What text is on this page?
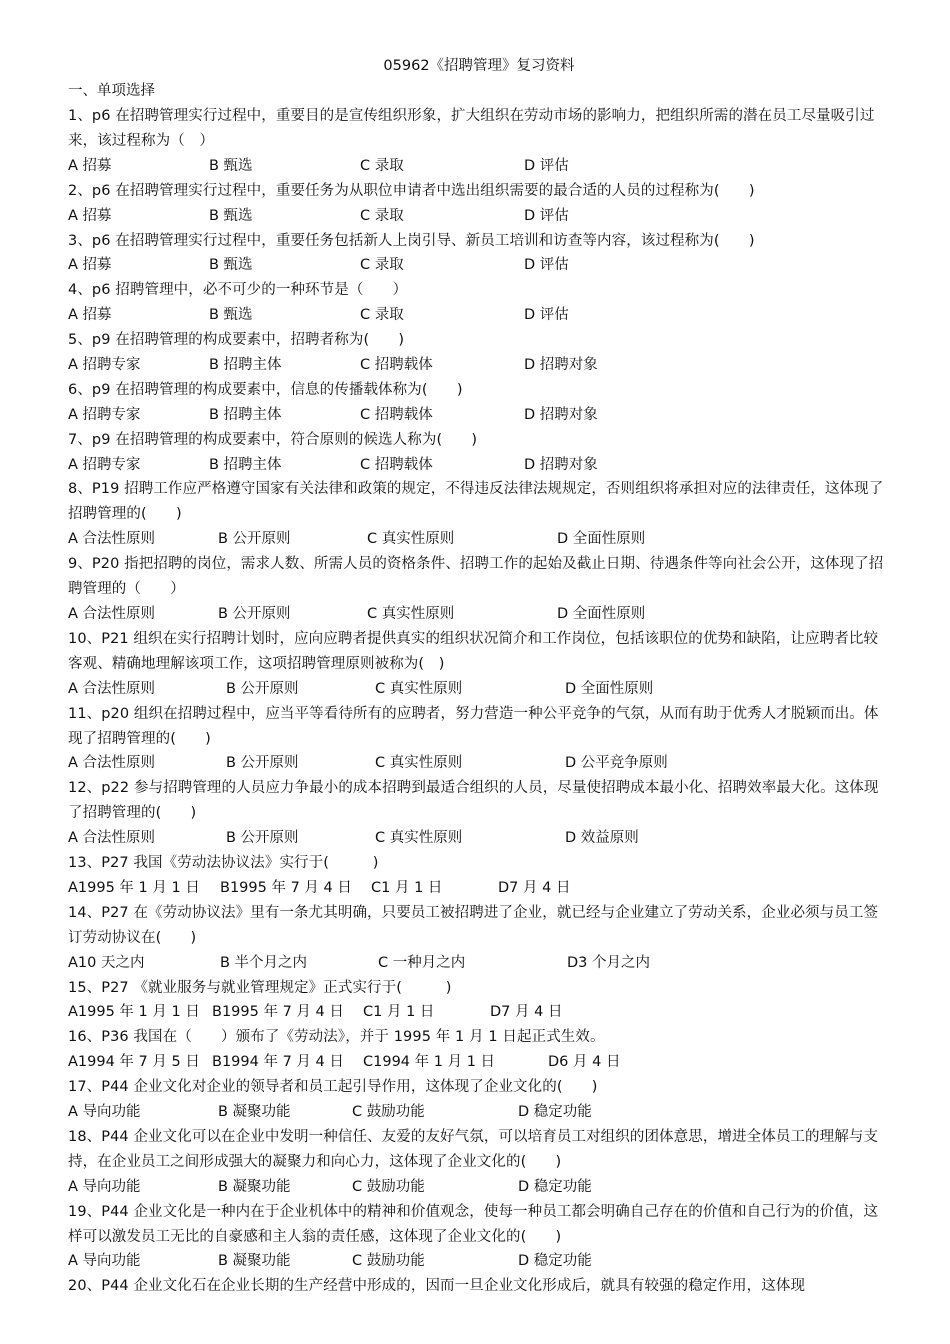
05962《招聘管理》复习资料
一、单项选择
1、p6 在招聘管理实行过程中，重要目的是宣传组织形象，扩大组织在劳动市场的影响力，把组织所需的潜在员工尽量吸引过来，该过程称为（　）
A 招募	B 甄选	C 录取	D 评估
2、p6 在招聘管理实行过程中，重要任务为从职位申请者中选出组织需要的最合适的人员的过程称为(　　)
A 招募	B 甄选	C 录取	D 评估
3、p6 在招聘管理实行过程中，重要任务包括新人上岗引导、新员工培训和访查等内容，该过程称为(　　)
A 招募	B 甄选	C 录取	D 评估
4、p6 招聘管理中，必不可少的一种环节是（　　）
A 招募	B 甄选	C 录取	D 评估
5、p9 在招聘管理的构成要素中，招聘者称为(　　)
A 招聘专家	B 招聘主体	C 招聘载体	D 招聘对象
6、p9 在招聘管理的构成要素中，信息的传播载体称为(　　)
A 招聘专家	B 招聘主体	C 招聘载体	D 招聘对象
7、p9 在招聘管理的构成要素中，符合原则的候选人称为(　　)
A 招聘专家	B 招聘主体	C 招聘载体	D 招聘对象
8、P19 招聘工作应严格遵守国家有关法律和政策的规定，不得违反法律法规规定，否则组织将承担对应的法律责任，这体现了招聘管理的(　　)
A 合法性原则	B 公开原则	C 真实性原则	D 全面性原则
9、P20 指把招聘的岗位，需求人数、所需人员的资格条件、招聘工作的起始及截止日期、待遇条件等向社会公开，这体现了招聘管理的（　　）
A 合法性原则	B 公开原则	C 真实性原则	D 全面性原则
10、P21 组织在实行招聘计划时，应向应聘者提供真实的组织状况简介和工作岗位，包括该职位的优势和缺陷，让应聘者比较客观、精确地理解该项工作，这项招聘管理原则被称为(　)
A 合法性原则	B 公开原则	C 真实性原则	D 全面性原则
11、p20 组织在招聘过程中，应当平等看待所有的应聘者，努力营造一种公平竞争的气氛，从而有助于优秀人才脱颖而出。体现了招聘管理的(　　)
A 合法性原则	B 公开原则	C 真实性原则	D 公平竞争原则
12、p22 参与招聘管理的人员应力争最小的成本招聘到最适合组织的人员，尽量使招聘成本最小化、招聘效率最大化。这体现了招聘管理的(　　)
A 合法性原则	B 公开原则	C 真实性原则	D 效益原则
13、P27 我国《劳动法协议法》实行于(　　　)
A1995 年 1 月 1 日 B1995 年 7 月 4 日 C1 月 1 日	D7 月 4 日
14、P27 在《劳动协议法》里有一条尤其明确，只要员工被招聘进了企业，就已经与企业建立了劳动关系，企业必须与员工签订劳动协议在(　　)
A10 天之内	B 半个月之内	C 一种月之内	D3 个月之内
15、P27 《就业服务与就业管理规定》正式实行于(　　　)
A1995 年 1 月 1 日 B1995 年 7 月 4 日 C1 月 1 日	D7 月 4 日
16、P36 我国在（　　）颁布了《劳动法》，并于 1995 年 1 月 1 日起正式生效。
A1994 年 7 月 5 日 B1994 年 7 月 4 日 C1994 年 1 月 1 日	D6 月 4 日
17、P44 企业文化对企业的领导者和员工起引导作用，这体现了企业文化的(　　)
A 导向功能	B 凝聚功能	C 鼓励功能	D 稳定功能
18、P44 企业文化可以在企业中发明一种信任、友爱的友好气氛，可以培育员工对组织的团体意思，增进全体员工的理解与支持，在企业员工之间形成强大的凝聚力和向心力，这体现了企业文化的(　　)
A 导向功能	B 凝聚功能	C 鼓励功能	D 稳定功能
19、P44 企业文化是一种内在于企业机体中的精神和价值观念，使每一种员工都会明确自己存在的价值和自己行为的价值，这样可以激发员工无比的自豪感和主人翁的责任感，这体现了企业文化的(　　)
A 导向功能	B 凝聚功能	C 鼓励功能	D 稳定功能
20、P44 企业文化石在企业长期的生产经营中形成的，因而一旦企业文化形成后，就具有较强的稳定作用，这体现
